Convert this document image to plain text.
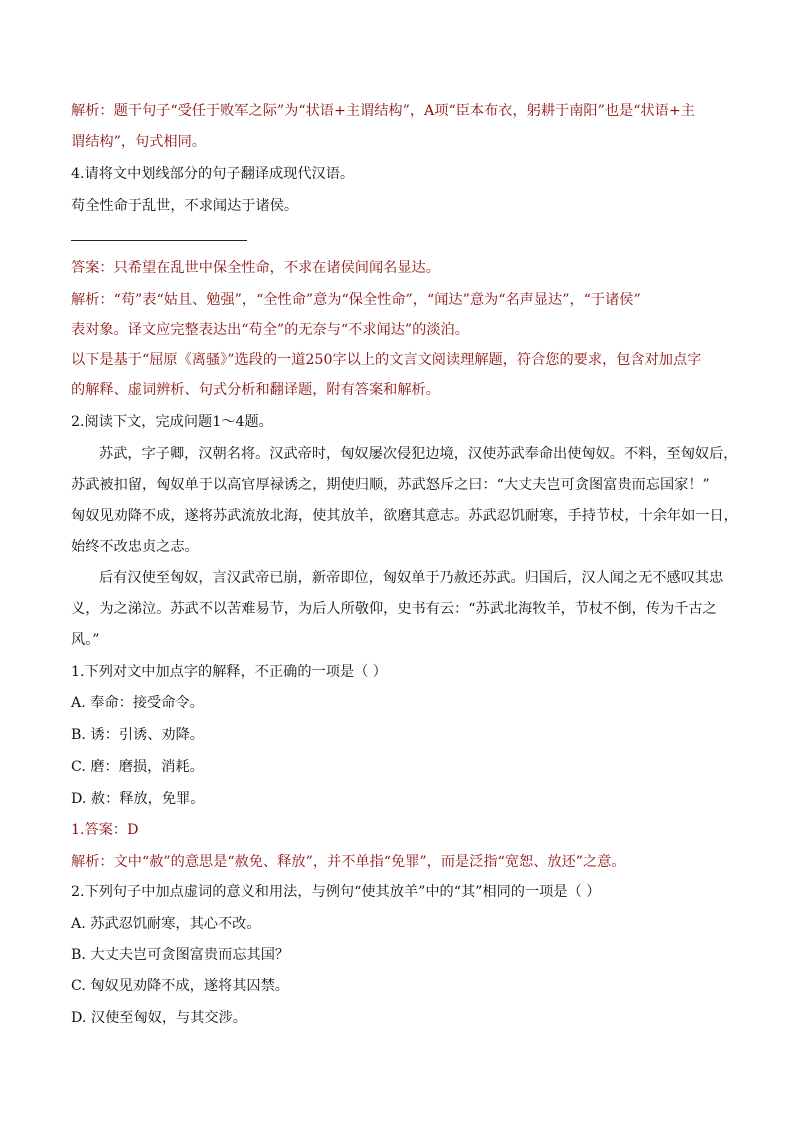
解析：题干句子“受任于败军之际”为“状语+主谓结构”，A项“臣本布衣，躬耕于南阳”也是“状语+主
谓结构”，句式相同。
4.请将文中划线部分的句子翻译成现代汉语。
苟全性命于乱世，不求闻达于诸侯。
答案：只希望在乱世中保全性命，不求在诸侯间闻名显达。
解析：“苟”表“姑且、勉强”，“全性命”意为“保全性命”，“闻达”意为“名声显达”，“于诸侯”
表对象。译文应完整表达出“苟全”的无奈与“不求闻达”的淡泊。
以下是基于“屈原《离骚》”选段的一道250字以上的文言文阅读理解题，符合您的要求，包含对加点字
的解释、虚词辨析、句式分析和翻译题，附有答案和解析。
2.阅读下文，完成问题1～4题。
苏武，字子卿，汉朝名将。汉武帝时，匈奴屡次侵犯边境，汉使苏武奉命出使匈奴。不料，至匈奴后，
苏武被扣留，匈奴单于以高官厚禄诱之，期使归顺，苏武怒斥之曰：“大丈夫岂可贪图富贵而忘国家！”
匈奴见劝降不成，遂将苏武流放北海，使其放羊，欲磨其意志。苏武忍饥耐寒，手持节杖，十余年如一日，
始终不改忠贞之志。
后有汉使至匈奴，言汉武帝已崩，新帝即位，匈奴单于乃赦还苏武。归国后，汉人闻之无不感叹其忠
义，为之涕泣。苏武不以苦难易节，为后人所敬仰，史书有云：“苏武北海牧羊，节杖不倒，传为千古之
风。”
1.下列对文中加点字的解释，不正确的一项是（ ）
A. 奉命：接受命令。
B. 诱：引诱、劝降。
C. 磨：磨损，消耗。
D. 赦：释放，免罪。
1.答案：D
解析：文中“赦”的意思是“赦免、释放”，并不单指“免罪”，而是泛指“宽恕、放还”之意。
2.下列句子中加点虚词的意义和用法，与例句“使其放羊”中的“其”相同的一项是（ ）
A. 苏武忍饥耐寒，其心不改。
B. 大丈夫岂可贪图富贵而忘其国？
C. 匈奴见劝降不成，遂将其囚禁。
D. 汉使至匈奴，与其交涉。
